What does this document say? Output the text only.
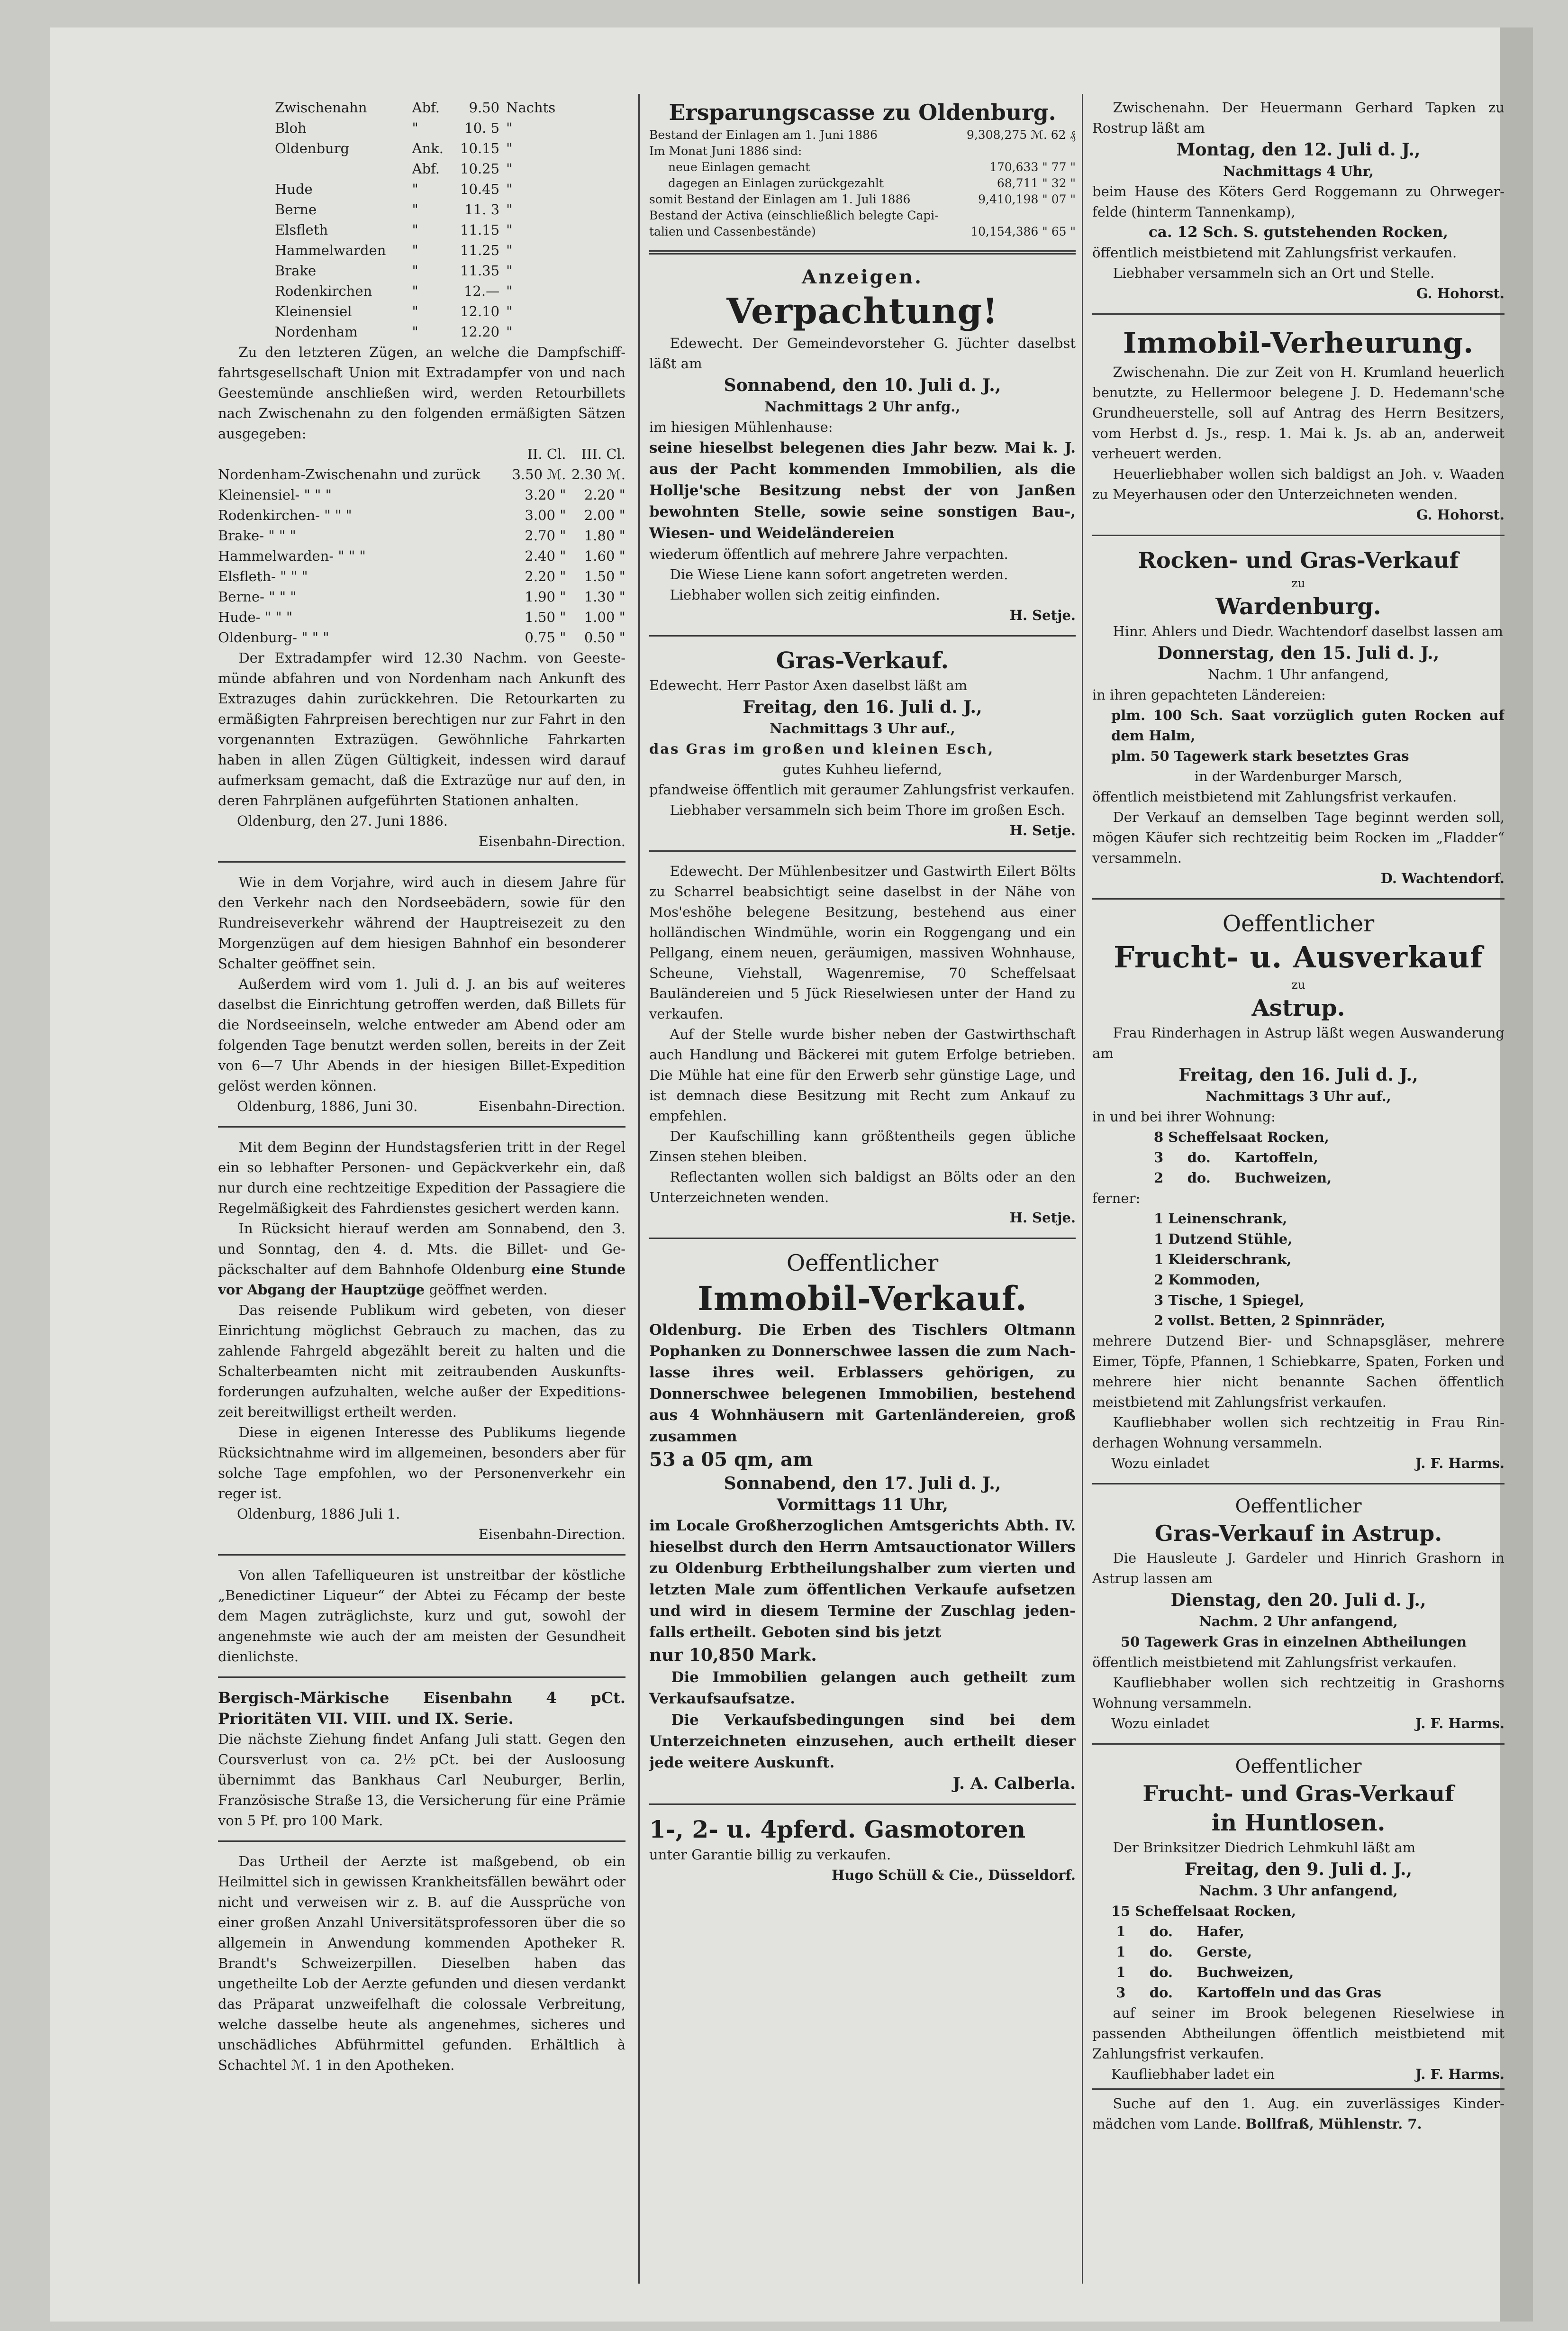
Zwischenahn	Abf.	9.50	Nachts
Bloh	"	10. 5	"
Oldenburg	Ank.	10.15	"
	Abf.	10.25	"
Hude	"	10.45	"
Berne	"	11. 3	"
Elsfleth	"	11.15	"
Hammelwarden	"	11.25	"
Brake	"	11.35	"
Rodenkirchen	"	12.—	"
Kleinensiel	"	12.10	"
Nordenham	"	12.20	"

Zu den letzteren Zügen, an welche die Dampfschifffahrtsgesellschaft Union mit Extradampfer von und nach Geestemünde anschließen wird, werden Retourbillets nach Zwischenahn zu den folgenden ermäßigten Sätzen ausgegeben:

	II. Cl.	III. Cl.
Nordenham-Zwischenahn und zurück	3.50 ℳ.	2.30 ℳ.
Kleinensiel- " " "	3.20 "	2.20 "
Rodenkirchen- " " "	3.00 "	2.00 "
Brake- " " "	2.70 "	1.80 "
Hammelwarden- " " "	2.40 "	1.60 "
Elsfleth- " " "	2.20 "	1.50 "
Berne- " " "	1.90 "	1.30 "
Hude- " " "	1.50 "	1.00 "
Oldenburg- " " "	0.75 "	0.50 "

Der Extradampfer wird 12.30 Nachm. von Geestemünde abfahren und von Nordenham nach Ankunft des Extrazuges dahin zurückkehren. Die Retourkarten zu ermäßigten Fahrpreisen berechtigen nur zur Fahrt in den vorgenannten Extrazügen. Gewöhnliche Fahrkarten haben in allen Zügen Gültigkeit, indessen wird darauf aufmerksam gemacht, daß die Extrazüge nur auf den, in deren Fahrplänen aufgeführten Stationen anhalten.

Oldenburg, den 27. Juni 1886.
Eisenbahn-Direction.

Wie in dem Vorjahre, wird auch in diesem Jahre für den Verkehr nach den Nordseebädern, sowie für den Rundreiseverkehr während der Hauptreisezeit zu den Morgenzügen auf dem hiesigen Bahnhof ein besonderer Schalter geöffnet sein.

Außerdem wird vom 1. Juli d. J. an bis auf weiteres daselbst die Einrichtung getroffen werden, daß Billets für die Nordseeinseln, welche entweder am Abend oder am folgenden Tage benutzt werden sollen, bereits in der Zeit von 6—7 Uhr Abends in der hiesigen Billet-Expedition gelöst werden können.

Oldenburg, 1886, Juni 30.	Eisenbahn-Direction.

Mit dem Beginn der Hundstagsferien tritt in der Regel ein so lebhafter Personen- und Gepäckverkehr ein, daß nur durch eine rechtzeitige Expedition der Passagiere die Regelmäßigkeit des Fahrdienstes gesichert werden kann.

In Rücksicht hierauf werden am Sonnabend, den 3. und Sonntag, den 4. d. Mts. die Billet- und Gepäckschalter auf dem Bahnhofe Oldenburg eine Stunde vor Abgang der Hauptzüge geöffnet werden.

Das reisende Publikum wird gebeten, von dieser Einrichtung möglichst Gebrauch zu machen, das zu zahlende Fahrgeld abgezählt bereit zu halten und die Schalterbeamten nicht mit zeitraubenden Auskunftsforderungen aufzuhalten, welche außer der Expeditionszeit bereitwilligst ertheilt werden.

Diese in eigenen Interesse des Publikums liegende Rücksichtnahme wird im allgemeinen, besonders aber für solche Tage empfohlen, wo der Personenverkehr ein reger ist.

Oldenburg, 1886 Juli 1.
Eisenbahn-Direction.

Von allen Tafelliqueuren ist unstreitbar der köstliche „Benedictiner Liqueur“ der Abtei zu Fécamp der beste dem Magen zuträglichste, kurz und gut, sowohl der angenehmste wie auch der am meisten der Gesundheit dienlichste.

Bergisch-Märkische Eisenbahn 4 pCt. Prioritäten VII. VIII. und IX. Serie.

Die nächste Ziehung findet Anfang Juli statt. Gegen den Coursverlust von ca. 2½ pCt. bei der Ausloosung übernimmt das Bankhaus Carl Neuburger, Berlin, Französische Straße 13, die Versicherung für eine Prämie von 5 Pf. pro 100 Mark.

Das Urtheil der Aerzte ist maßgebend, ob ein Heilmittel sich in gewissen Krankheitsfällen bewährt oder nicht und verweisen wir z. B. auf die Aussprüche von einer großen Anzahl Universitätsprofessoren über die so allgemein in Anwendung kommenden Apotheker R. Brandt's Schweizerpillen. Dieselben haben das ungetheilte Lob der Aerzte gefunden und diesen verdankt das Präparat unzweifelhaft die colossale Verbreitung, welche dasselbe heute als angenehmes, sicheres und unschädliches Abführmittel gefunden. Erhältlich à Schachtel ℳ. 1 in den Apotheken.

Ersparungscasse zu Oldenburg.
Bestand der Einlagen am 1. Juni 1886	9,308,275 ℳ. 62 ₰
Im Monat Juni 1886 sind:	
neue Einlagen gemacht	170,633 " 77 "
dagegen an Einlagen zurückgezahlt	68,711 " 32 "
somit Bestand der Einlagen am 1. Juli 1886	9,410,198 " 07 "
Bestand der Activa (einschließlich belegte Capitalien und Cassenbestände)	10,154,386 " 65 "
Anzeigen.
Verpachtung!

Edewecht. Der Gemeindevorsteher G. Jüchter daselbst läßt am

Sonnabend, den 10. Juli d. J.,
Nachmittags 2 Uhr anfg.,
im hiesigen Mühlenhause:

seine hieselbst belegenen dies Jahr bezw. Mai k. J. aus der Pacht kommenden Immobilien, als die Hollje'sche Besitzung nebst der von Janßen bewohnten Stelle, sowie seine sonstigen Bau-, Wiesen- und Weideländereien

wiederum öffentlich auf mehrere Jahre verpachten.
Die Wiese Liene kann sofort angetreten werden.
Liebhaber wollen sich zeitig einfinden.
H. Setje.
Gras-Verkauf.
Edewecht. Herr Pastor Axen daselbst läßt am
Freitag, den 16. Juli d. J.,
Nachmittags 3 Uhr auf.,
das Gras im großen und kleinen Esch,
gutes Kuhheu liefernd,

pfandweise öffentlich mit geraumer Zahlungsfrist verkaufen.

Liebhaber versammeln sich beim Thore im großen Esch.

H. Setje.

Edewecht. Der Mühlenbesitzer und Gastwirth Eilert Bölts zu Scharrel beabsichtigt seine daselbst in der Nähe von Mos'eshöhe belegene Besitzung, bestehend aus einer holländischen Windmühle, worin ein Roggengang und ein Pellgang, einem neuen, geräumigen, massiven Wohnhause, Scheune, Viehstall, Wagenremise, 70 Scheffelsaat Bauländereien und 5 Jück Rieselwiesen unter der Hand zu verkaufen.

Auf der Stelle wurde bisher neben der Gastwirthschaft auch Handlung und Bäckerei mit gutem Erfolge betrieben. Die Mühle hat eine für den Erwerb sehr günstige Lage, und ist demnach diese Besitzung mit Recht zum Ankauf zu empfehlen.

Der Kaufschilling kann größtentheils gegen übliche Zinsen stehen bleiben.

Reflectanten wollen sich baldigst an Bölts oder an den Unterzeichneten wenden.

H. Setje.
Oeffentlicher
Immobil-Verkauf.

Oldenburg. Die Erben des Tischlers Oltmann Pophanken zu Donnerschwee lassen die zum Nachlasse ihres weil. Erblassers gehörigen, zu Donnerschwee belegenen Immobilien, bestehend aus 4 Wohnhäusern mit Gartenländereien, groß zusammen

53 a 05 qm, am
Sonnabend, den 17. Juli d. J.,
Vormittags 11 Uhr,

im Locale Großherzoglichen Amtsgerichts Abth. IV. hieselbst durch den Herrn Amtsauctionator Willers zu Oldenburg Erbtheilungshalber zum vierten und letzten Male zum öffentlichen Verkaufe aufsetzen und wird in diesem Termine der Zuschlag jedenfalls ertheilt. Geboten sind bis jetzt

nur 10,850 Mark.

Die Immobilien gelangen auch getheilt zum Verkaufsaufsatze.

Die Verkaufsbedingungen sind bei dem Unterzeichneten einzusehen, auch ertheilt dieser jede weitere Auskunft.

J. A. Calberla.
1-, 2- u. 4pferd. Gasmotoren
unter Garantie billig zu verkaufen.
Hugo Schüll & Cie., Düsseldorf.

Zwischenahn. Der Heuermann Gerhard Tapken zu Rostrup läßt am

Montag, den 12. Juli d. J.,
Nachmittags 4 Uhr,

beim Hause des Köters Gerd Roggemann zu Ohrwegerfelde (hinterm Tannenkamp),

ca. 12 Sch. S. gutstehenden Rocken,
öffentlich meistbietend mit Zahlungsfrist verkaufen.
Liebhaber versammeln sich an Ort und Stelle.
G. Hohorst.
Immobil-Verheurung.

Zwischenahn. Die zur Zeit von H. Krumland heuerlich benutzte, zu Hellermoor belegene J. D. Hedemann'sche Grundheuerstelle, soll auf Antrag des Herrn Besitzers, vom Herbst d. Js., resp. 1. Mai k. Js. ab an, anderweit verheuert werden.

Heuerliebhaber wollen sich baldigst an Joh. v. Waaden zu Meyerhausen oder den Unterzeichneten wenden.

G. Hohorst.
Rocken- und Gras-Verkauf
zu
Wardenburg.

Hinr. Ahlers und Diedr. Wachtendorf daselbst lassen am

Donnerstag, den 15. Juli d. J.,
Nachm. 1 Uhr anfangend,
in ihren gepachteten Ländereien:

plm. 100 Sch. Saat vorzüglich guten Rocken auf dem Halm,

plm. 50 Tagewerk stark besetztes Gras
in der Wardenburger Marsch,
öffentlich meistbietend mit Zahlungsfrist verkaufen.

Der Verkauf an demselben Tage beginnt werden soll, mögen Käufer sich rechtzeitig beim Rocken im „Fladder“ versammeln.

D. Wachtendorf.
Oeffentlicher
Frucht- u. Ausverkauf
zu
Astrup.

Frau Rinderhagen in Astrup läßt wegen Auswanderung am

Freitag, den 16. Juli d. J.,
Nachmittags 3 Uhr auf.,
in und bei ihrer Wohnung:
8 Scheffelsaat Rocken,
3     do.     Kartoffeln,
2     do.     Buchweizen,
ferner:
1 Leinenschrank,
1 Dutzend Stühle,
1 Kleiderschrank,
2 Kommoden,
3 Tische, 1 Spiegel,
2 vollst. Betten, 2 Spinnräder,

mehrere Dutzend Bier- und Schnapsgläser, mehrere Eimer, Töpfe, Pfannen, 1 Schiebkarre, Spaten, Forken und mehrere hier nicht benannte Sachen öffentlich meistbietend mit Zahlungsfrist verkaufen.

Kaufliebhaber wollen sich rechtzeitig in Frau Rinderhagen Wohnung versammeln.

Wozu einladet	J. F. Harms.
Oeffentlicher
Gras-Verkauf in Astrup.

Die Hausleute J. Gardeler und Hinrich Grashorn in Astrup lassen am

Dienstag, den 20. Juli d. J.,
Nachm. 2 Uhr anfangend,

50 Tagewerk Gras in einzelnen Abtheilungen

öffentlich meistbietend mit Zahlungsfrist verkaufen.

Kaufliebhaber wollen sich rechtzeitig in Grashorns Wohnung versammeln.

Wozu einladet	J. F. Harms.
Oeffentlicher
Frucht- und Gras-Verkauf
in Huntlosen.
Der Brinksitzer Diedrich Lehmkuhl läßt am
Freitag, den 9. Juli d. J.,
Nachm. 3 Uhr anfangend,
15 Scheffelsaat Rocken,
1     do.     Hafer,
1     do.     Gerste,
1     do.     Buchweizen,
3     do.     Kartoffeln und das Gras

auf seiner im Brook belegenen Rieselwiese in passenden Abtheilungen öffentlich meistbietend mit Zahlungsfrist verkaufen.

Kaufliebhaber ladet ein	J. F. Harms.

Suche auf den 1. Aug. ein zuverlässiges Kindermädchen vom Lande. Bollfraß, Mühlenstr. 7.
